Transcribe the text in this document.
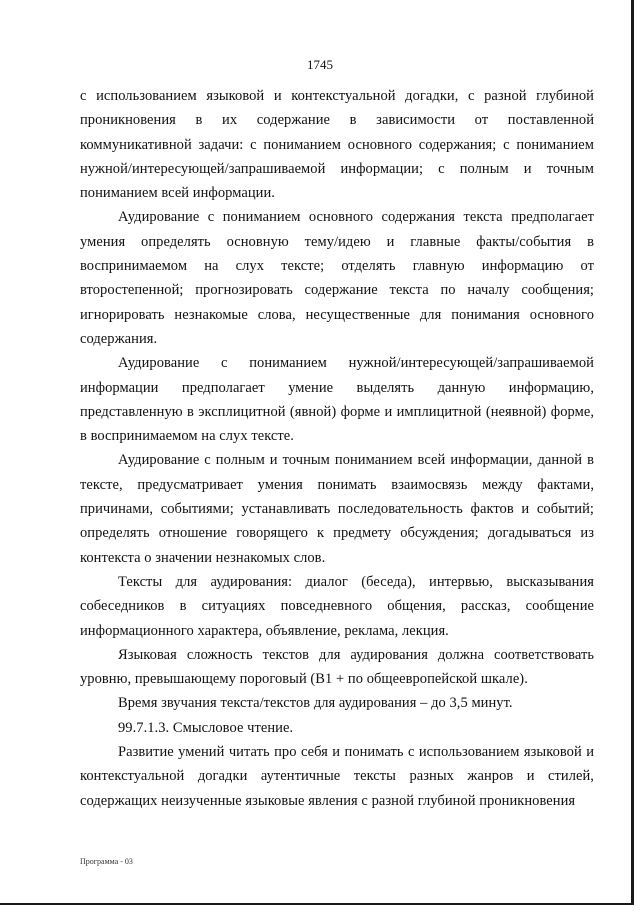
1745

с использованием языковой и контекстуальной догадки, с разной глубиной проникновения в их содержание в зависимости от поставленной коммуникативной задачи: с пониманием основного содержания; с пониманием нужной/интересующей/запрашиваемой информации; с полным и точным пониманием всей информации.

Аудирование с пониманием основного содержания текста предполагает умения определять основную тему/идею и главные факты/события в воспринимаемом на слух тексте; отделять главную информацию от второстепенной; прогнозировать содержание текста по началу сообщения; игнорировать незнакомые слова, несущественные для понимания основного содержания.

Аудирование с пониманием нужной/интересующей/запрашиваемой информации предполагает умение выделять данную информацию, представленную в эксплицитной (явной) форме и имплицитной (неявной) форме, в воспринимаемом на слух тексте.

Аудирование с полным и точным пониманием всей информации, данной в тексте, предусматривает умения понимать взаимосвязь между фактами, причинами, событиями; устанавливать последовательность фактов и событий; определять отношение говорящего к предмету обсуждения; догадываться из контекста о значении незнакомых слов.

Тексты для аудирования: диалог (беседа), интервью, высказывания собеседников в ситуациях повседневного общения, рассказ, сообщение информационного характера, объявление, реклама, лекция.

Языковая сложность текстов для аудирования должна соответствовать уровню, превышающему пороговый (B1 + по общеевропейской шкале).

Время звучания текста/текстов для аудирования – до 3,5 минут.

99.7.1.3. Смысловое чтение.

Развитие умений читать про себя и понимать с использованием языковой и контекстуальной догадки аутентичные тексты разных жанров и стилей, содержащих неизученные языковые явления с разной глубиной проникновения

Программа - 03
